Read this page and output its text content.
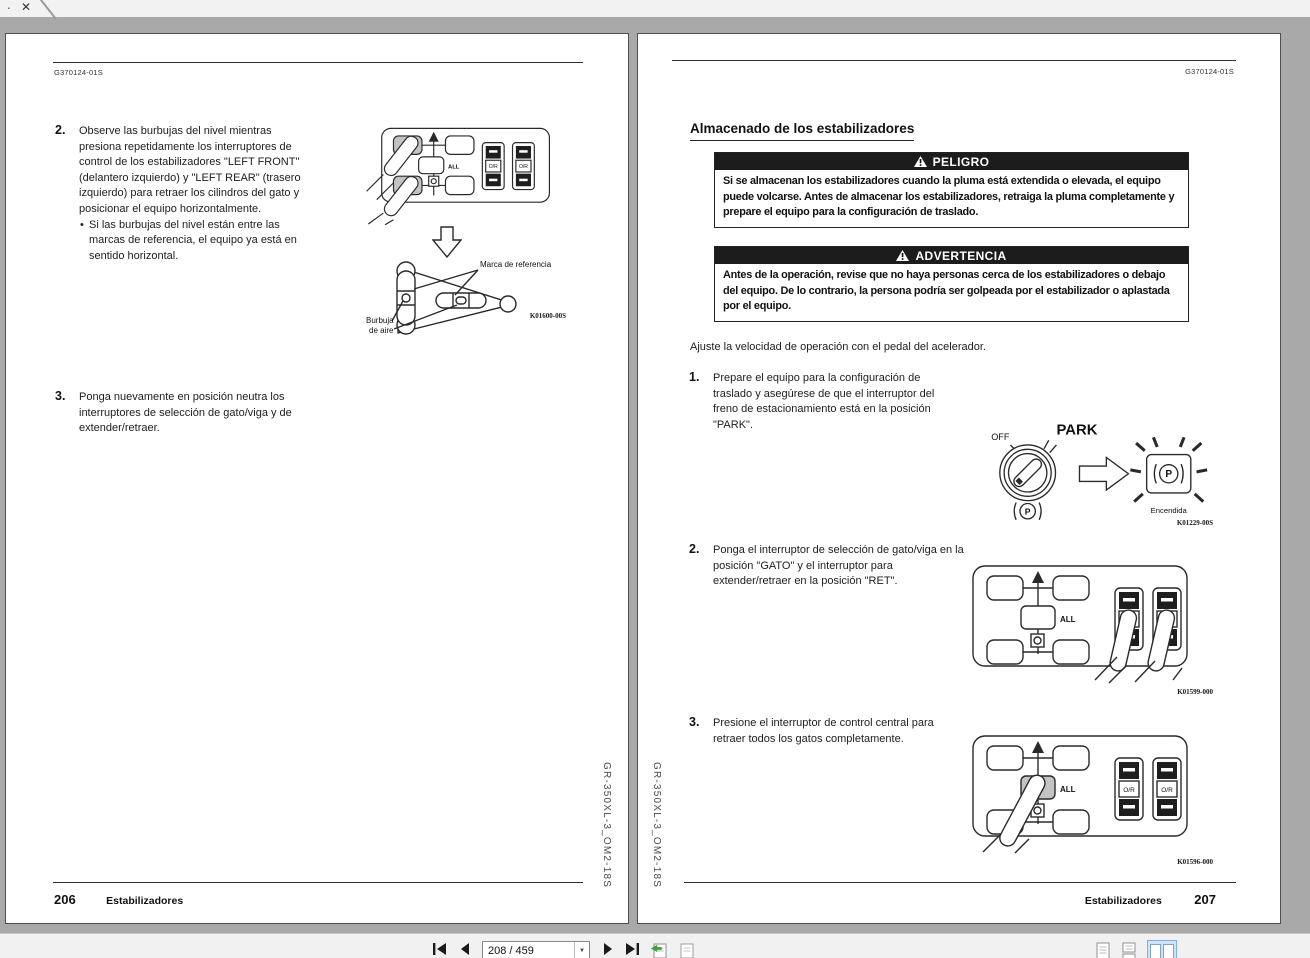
. ✕
G370124-01S
2. Observe las burbujas del nivel mientras presiona repetidamente los interruptores de control de los estabilizadores "LEFT FRONT" (delantero izquierdo) y "LEFT REAR" (trasero izquierdo) para retraer los cilindros del gato y posicionar el equipo horizontalmente.
• Si las burbujas del nivel están entre las marcas de referencia, el equipo ya está en sentido horizontal.
ALL	O/R	O/R
Marca de referencia
Burbuja
de aire
K01600-00S
3. Ponga nuevamente en posición neutra los interruptores de selección de gato/viga y de extender/retraer.
GR-350XL-3_OM2-18S
206	Estabilizadores
G370124-01S
Almacenado de los estabilizadores
PELIGRO
Si se almacenan los estabilizadores cuando la pluma está extendida o elevada, el equipo puede volcarse. Antes de almacenar los estabilizadores, retraiga la pluma completamente y prepare el equipo para la configuración de traslado.
ADVERTENCIA
Antes de la operación, revise que no haya personas cerca de los estabilizadores o debajo del equipo. De lo contrario, la persona podría ser golpeada por el estabilizador o aplastada por el equipo.
Ajuste la velocidad de operación con el pedal del acelerador.
1. Prepare el equipo para la configuración de traslado y asegúrese de que el interruptor del freno de estacionamiento está en la posición "PARK".
OFF	PARK
P
P
Encendida
K01229-00S
2. Ponga el interruptor de selección de gato/viga en la posición "GATO" y el interruptor para extender/retraer en la posición "RET".
ALL
K01599-000
3. Presione el interruptor de control central para retraer todos los gatos completamente.
ALL	O/R	O/R
K01596-000
GR-350XL-3_OM2-18S
Estabilizadores 207
208 / 459	▼
